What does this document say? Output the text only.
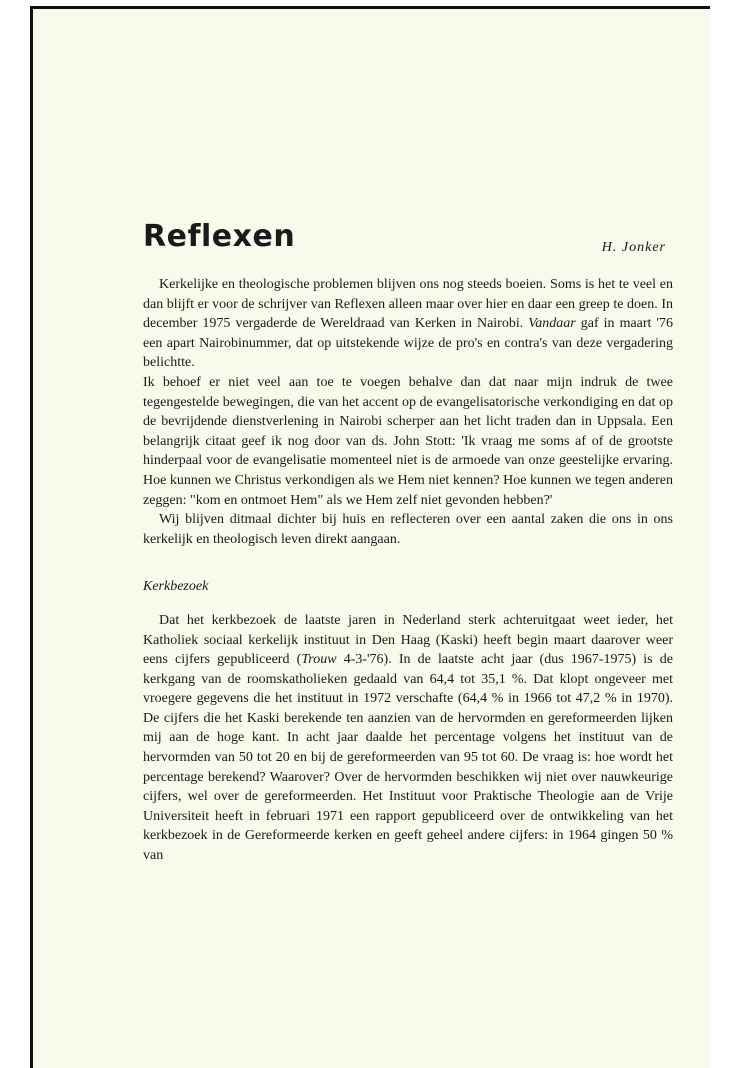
Reflexen	H. Jonker

Kerkelijke en theologische problemen blijven ons nog steeds boeien. Soms is het te veel en dan blijft er voor de schrijver van Reflexen alleen maar over hier en daar een greep te doen. In december 1975 vergaderde de Wereldraad van Kerken in Nairobi. Vandaar gaf in maart '76 een apart Nairobinummer, dat op uitstekende wijze de pro's en contra's van deze vergadering belichtte.

Ik behoef er niet veel aan toe te voegen behalve dan dat naar mijn indruk de twee tegengestelde bewegingen, die van het accent op de evangelisatorische verkondiging en dat op de bevrijdende dienstverlening in Nairobi scherper aan het licht traden dan in Uppsala. Een belangrijk citaat geef ik nog door van ds. John Stott: 'Ik vraag me soms af of de grootste hinderpaal voor de evangelisatie momenteel niet is de armoede van onze geestelijke ervaring. Hoe kunnen we Christus verkondigen als we Hem niet kennen? Hoe kunnen we tegen anderen zeggen: "kom en ontmoet Hem" als we Hem zelf niet gevonden hebben?'

Wij blijven ditmaal dichter bij huis en reflecteren over een aantal zaken die ons in ons kerkelijk en theologisch leven direkt aangaan.

Kerkbezoek

Dat het kerkbezoek de laatste jaren in Nederland sterk achteruitgaat weet ieder, het Katholiek sociaal kerkelijk instituut in Den Haag (Kaski) heeft begin maart daarover weer eens cijfers gepubliceerd (Trouw 4-3-'76). In de laatste acht jaar (dus 1967-1975) is de kerkgang van de roomskatholieken gedaald van 64,4 tot 35,1 %. Dat klopt ongeveer met vroegere gegevens die het instituut in 1972 verschafte (64,4 % in 1966 tot 47,2 % in 1970). De cijfers die het Kaski berekende ten aanzien van de hervormden en gereformeerden lijken mij aan de hoge kant. In acht jaar daalde het percentage volgens het instituut van de hervormden van 50 tot 20 en bij de gereformeerden van 95 tot 60. De vraag is: hoe wordt het percentage berekend? Waarover? Over de hervormden beschikken wij niet over nauwkeurige cijfers, wel over de gereformeerden. Het Instituut voor Praktische Theologie aan de Vrije Universiteit heeft in februari 1971 een rapport gepubliceerd over de ontwikkeling van het kerkbezoek in de Gereformeerde kerken en geeft geheel andere cijfers: in 1964 gingen 50 % van
